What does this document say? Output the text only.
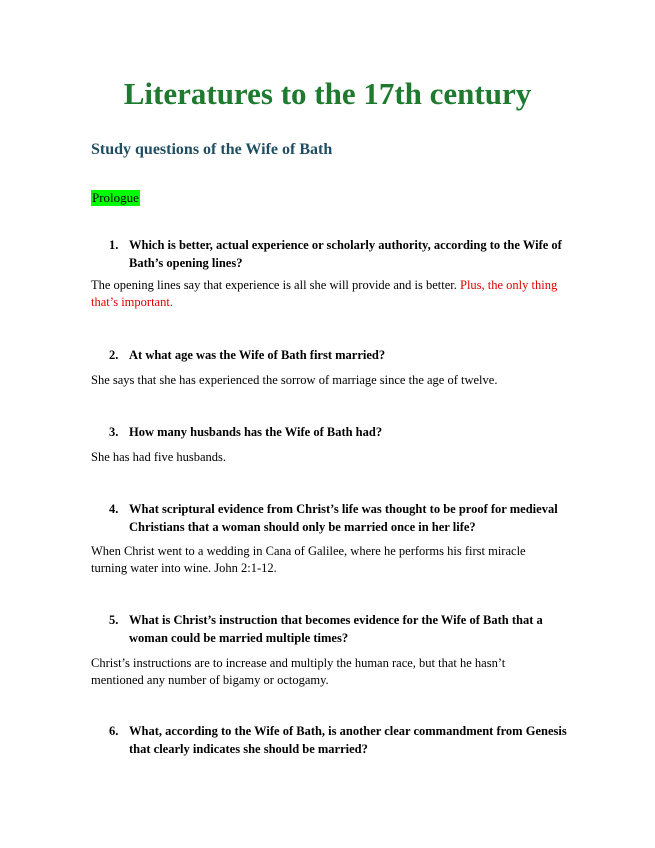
Literatures to the 17th century
Study questions of the Wife of Bath
Prologue
1. Which is better, actual experience or scholarly authority, according to the Wife of Bath’s opening lines?
The opening lines say that experience is all she will provide and is better. Plus, the only thing that’s important.
2. At what age was the Wife of Bath first married?
She says that she has experienced the sorrow of marriage since the age of twelve.
3. How many husbands has the Wife of Bath had?
She has had five husbands.
4. What scriptural evidence from Christ’s life was thought to be proof for medieval Christians that a woman should only be married once in her life?
When Christ went to a wedding in Cana of Galilee, where he performs his first miracle turning water into wine. John 2:1-12.
5. What is Christ’s instruction that becomes evidence for the Wife of Bath that a woman could be married multiple times?
Christ’s instructions are to increase and multiply the human race, but that he hasn’t mentioned any number of bigamy or octogamy.
6. What, according to the Wife of Bath, is another clear commandment from Genesis that clearly indicates she should be married?
